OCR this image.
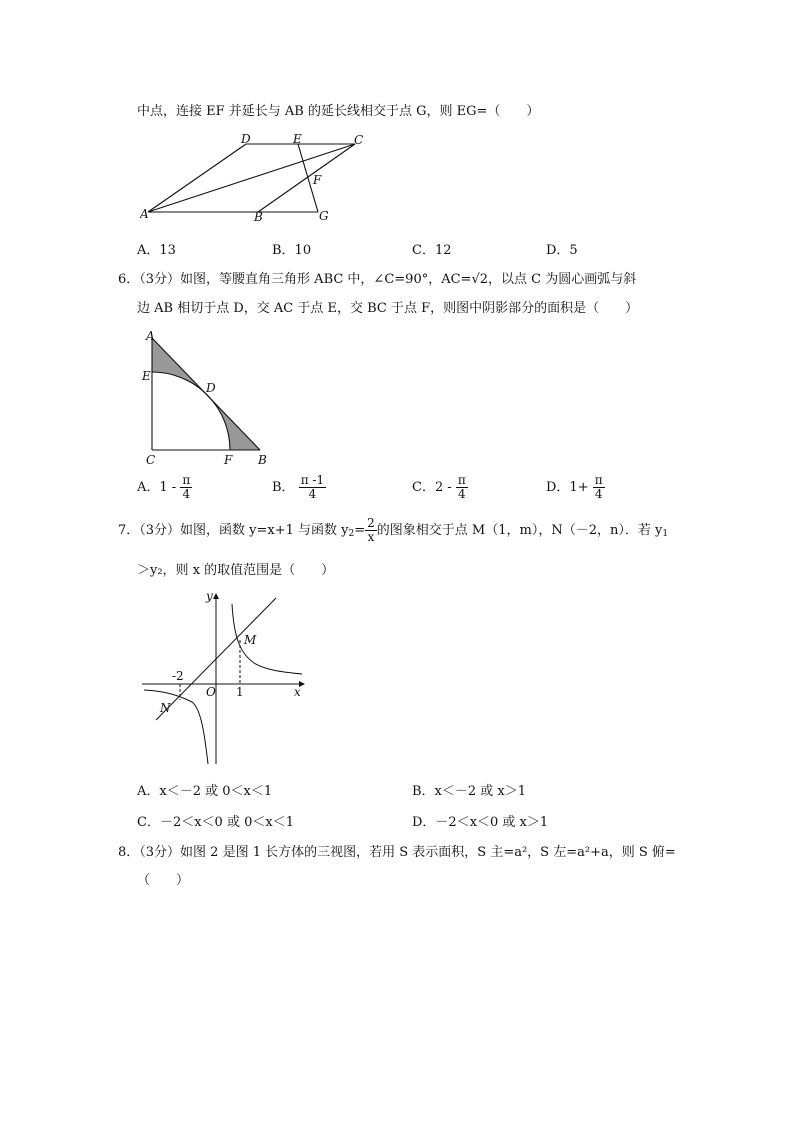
中点，连接 EF 并延长与 AB 的延长线相交于点 G，则 EG=（　　）
A	B
C
D	E
F
G
A．13	B．10	C．12	D．5
6．（3分）如图，等腰直角三角形 ABC 中，∠C=90°，AC=√2，以点 C 为圆心画弧与斜
边 AB 相切于点 D，交 AC 于点 E，交 BC 于点 F，则图中阴影部分的面积是（　　）
A
E
D
C	F B
A．$1 - \frac{\pi}{4}$	B． $\frac{\pi -1}{4}$	C．$2 - \frac{\pi}{4}$	D．$1+ \frac{\pi}{4}$
7．（3分）如图，函数 y=x+1 与函数 $y_2= \frac{2}{x}$ 的图象相交于点 M（1，m），N（－2，n）．若 $y_1$
＞y₂，则 x 的取值范围是（　　）
y
x
O
M
N
-2
1
A．x＜－2 或 0＜x＜1	B．x＜－2 或 x＞1
C．－2＜x＜0 或 0＜x＜1	D．－2＜x＜0 或 x＞1
8．（3分）如图 2 是图 1 长方体的三视图，若用 S 表示面积，S 主=a²，S 左=a²+a，则 S 俯=
（　　）
